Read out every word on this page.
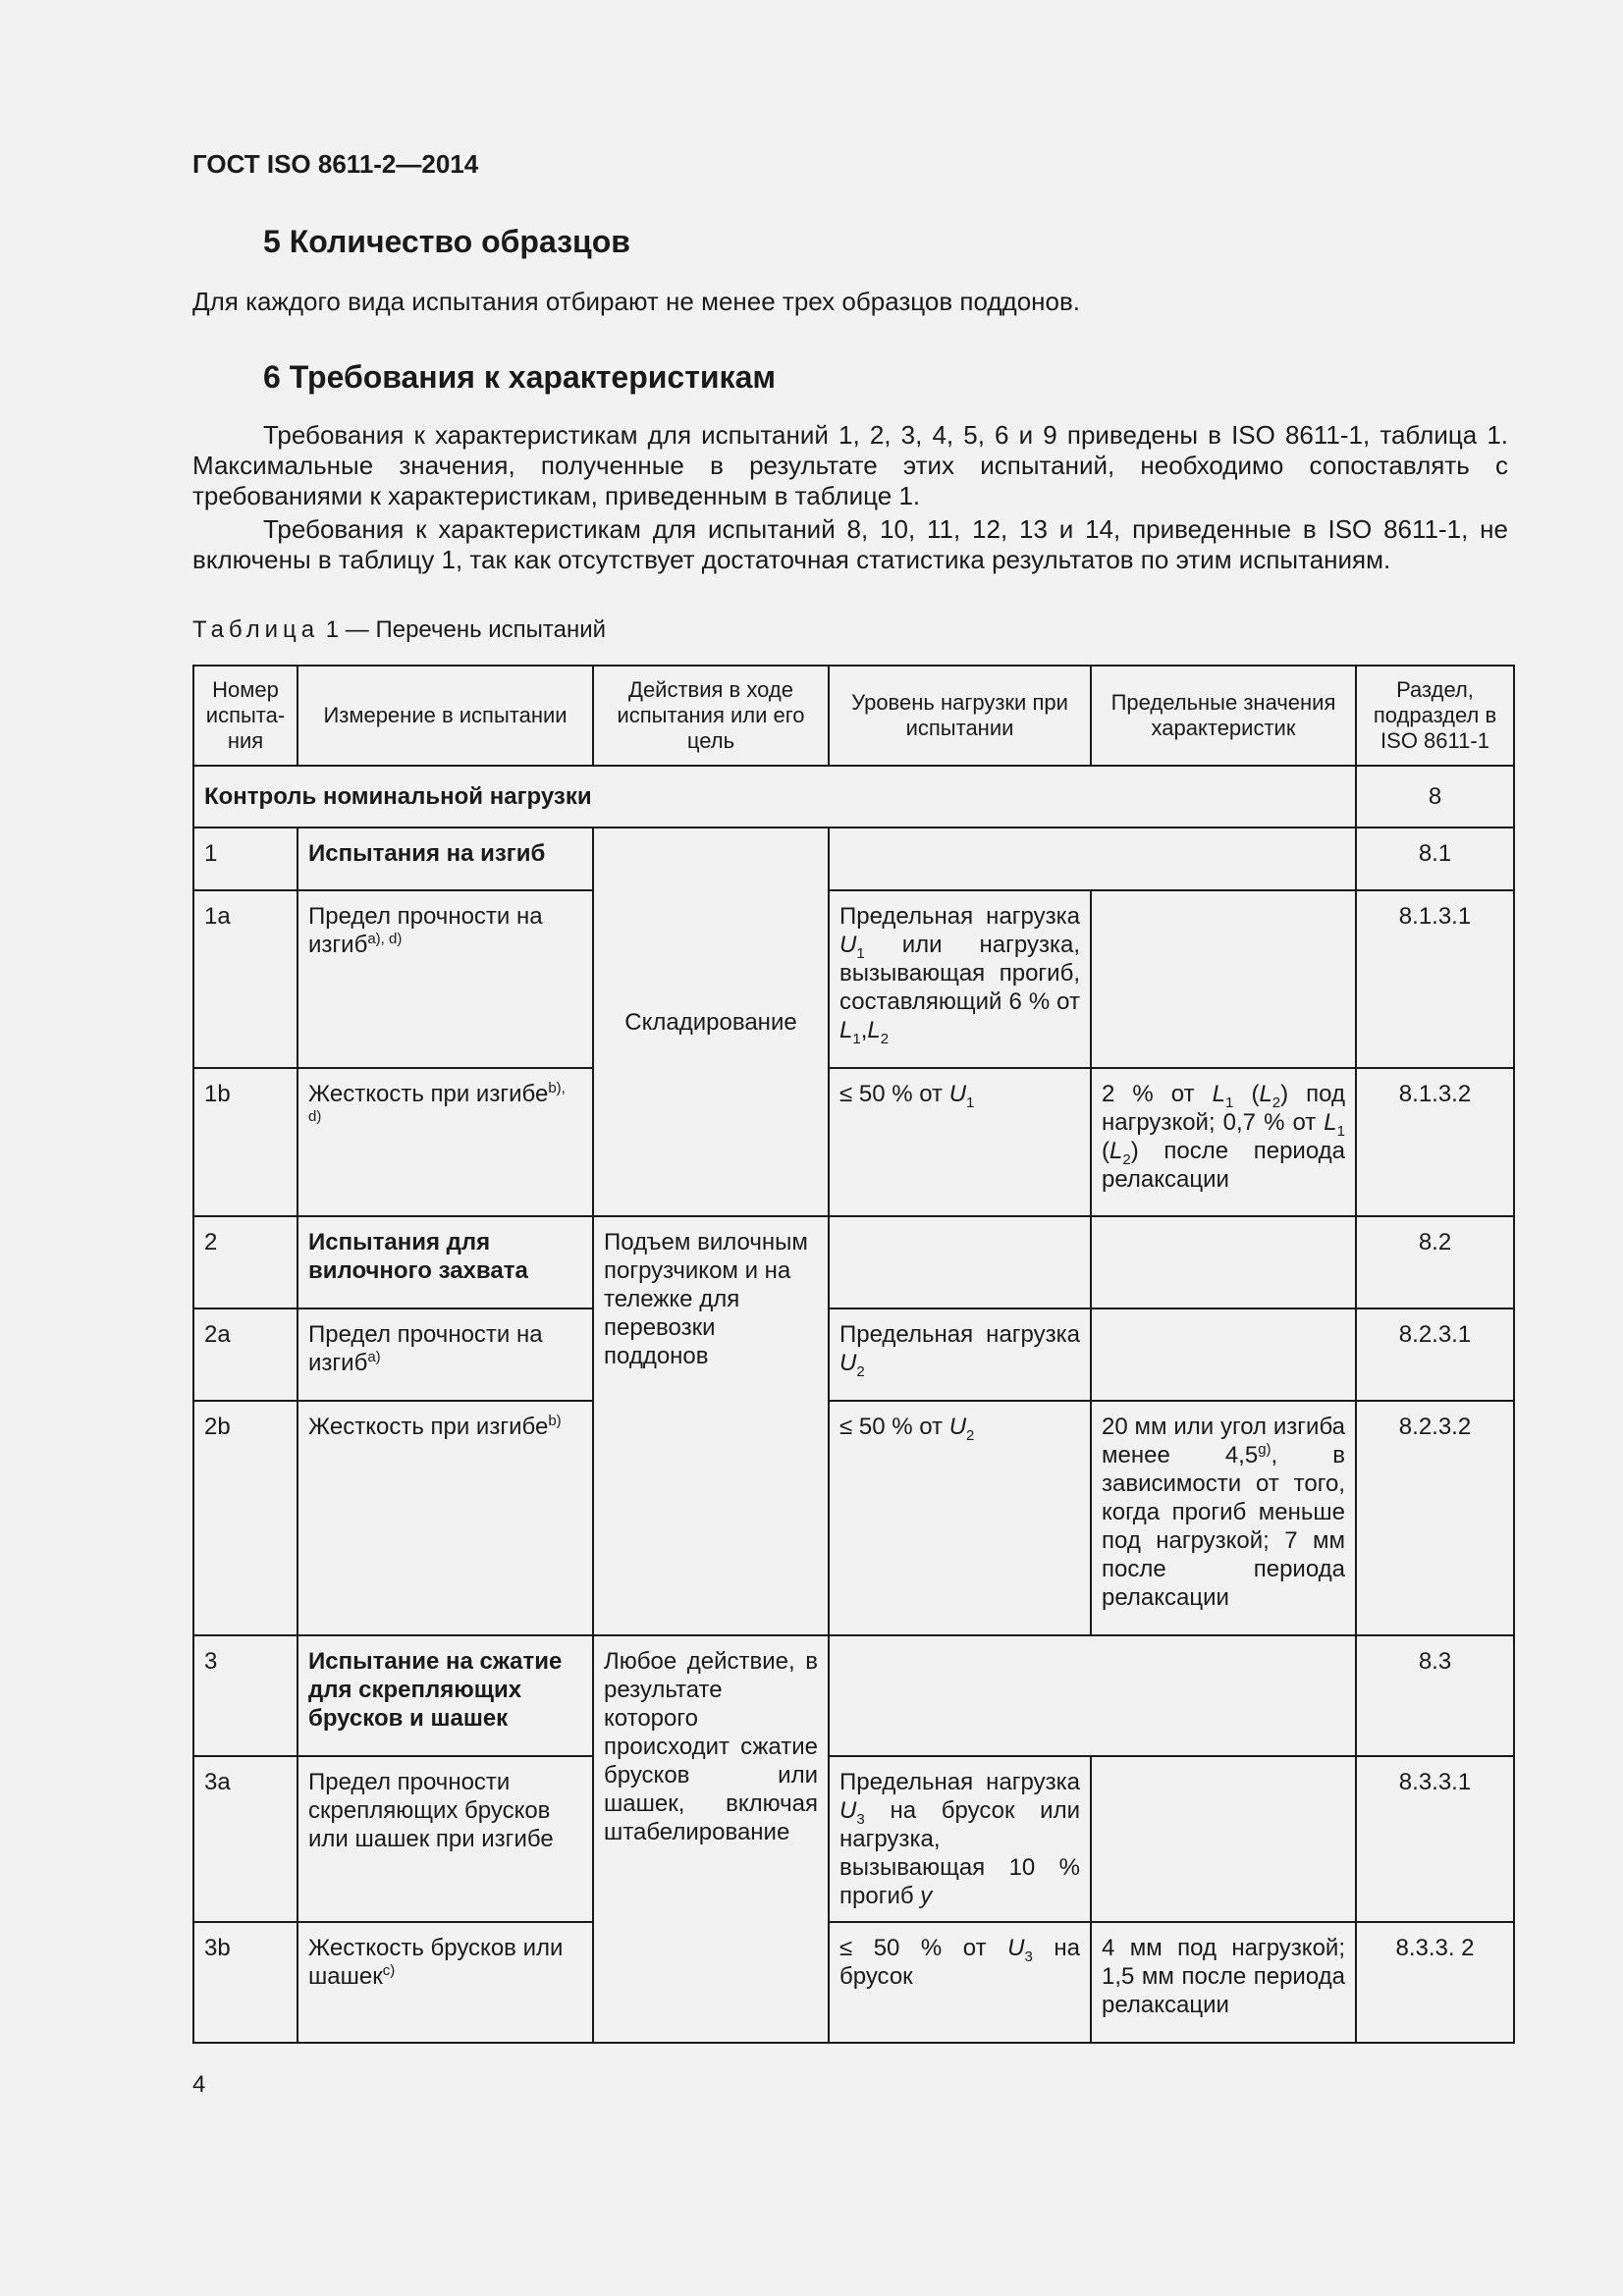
ГОСТ ISO 8611-2—2014
5 Количество образцов
Для каждого вида испытания отбирают не менее трех образцов поддонов.
6 Требования к характеристикам
Требования к характеристикам для испытаний 1, 2, 3, 4, 5, 6 и 9 приведены в ISO 8611-1, таблица 1. Максимальные значения, полученные в результате этих испытаний, необходимо сопоставлять с требованиями к характеристикам, приведенным в таблице 1.
Требования к характеристикам для испытаний 8, 10, 11, 12, 13 и 14, приведенные в ISO 8611-1, не включены в таблицу 1, так как отсутствует достаточная статистика результатов по этим испытаниям.
Таблица 1 — Перечень испытаний
Номер испыта-ния	Измерение в испытании	Действия в ходе испытания или его цель	Уровень нагрузки при испытании	Предельные значения характеристик	Раздел, подраздел в ISO 8611-1
Контроль номинальной нагрузки					8
1	Испытания на изгиб	Складирование			8.1
1a	Предел прочности на изгиб$^{a), d)}$		Предельная нагрузка $U_1$ или нагрузка, вызывающая прогиб, составляющий 6 % от $L_1,L_2$		8.1.3.1
1b	Жесткость при изгибе$^{b), d)}$		≤ 50 % от $U_1$	2 % от $L_1$ $(L_2)$ под нагрузкой; 0,7 % от $L_1$ $(L_2)$ после периода релаксации	8.1.3.2
2	Испытания для вилочного захвата	Подъем вилочным погрузчиком и на тележке для перевозки поддонов			8.2
2a	Предел прочности на изгиб$^{a)}$		Предельная нагрузка $U_2$		8.2.3.1
2b	Жесткость при изгибе$^{b)}$		≤ 50 % от $U_2$	20 мм или угол изгиба менее 4,5$^{g)}$, в зависимости от того, когда прогиб меньше под нагрузкой; 7 мм после периода релаксации	8.2.3.2
3	Испытание на сжатие для скрепляющих брусков и шашек	Любое действие, в результате которого происходит сжатие брусков или шашек, включая штабелирование			8.3
3a	Предел прочности скрепляющих брусков или шашек при изгибе		Предельная нагрузка $U_3$ на брусок или нагрузка, вызывающая 10 % прогиб y		8.3.3.1
3b	Жесткость брусков или шашек$^{c)}$		≤ 50 % от $U_3$ на брусок	4 мм под нагрузкой; 1,5 мм после периода релаксации	8.3.3. 2
4
